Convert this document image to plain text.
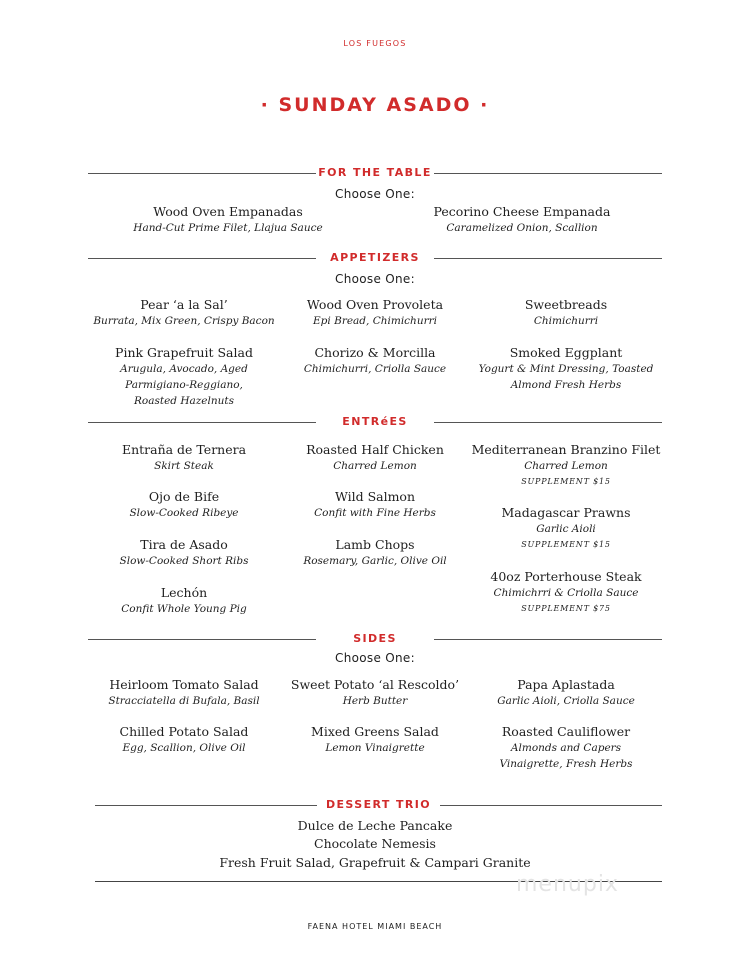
LOS FUEGOS
· SUNDAY ASADO ·
FOR THE TABLE
Choose One:
Wood Oven Empanadas
Hand-Cut Prime Filet, Llajua Sauce
Pecorino Cheese Empanada
Caramelized Onion, Scallion
APPETIZERS
Choose One:
Pear ‘a la Sal’
Burrata, Mix Green, Crispy Bacon
Wood Oven Provoleta
Epi Bread, Chimichurri
Sweetbreads
Chimichurri
Pink Grapefruit Salad
Arugula, Avocado, Aged
Parmigiano-Reggiano,
Roasted Hazelnuts
Chorizo & Morcilla
Chimichurri, Criolla Sauce
Smoked Eggplant
Yogurt & Mint Dressing, Toasted
Almond Fresh Herbs
ENTRéES
Entraña de Ternera
Skirt Steak
Roasted Half Chicken
Charred Lemon
Mediterranean Branzino Filet
Charred Lemon
SUPPLEMENT $15
Ojo de Bife
Slow-Cooked Ribeye
Wild Salmon
Confit with Fine Herbs	Madagascar Prawns
Garlic Aioli
SUPPLEMENT $15
Tira de Asado
Slow-Cooked Short Ribs
Lamb Chops
Rosemary, Garlic, Olive Oil
40oz Porterhouse Steak
Chimichrri & Criolla Sauce
SUPPLEMENT $75
Lechón
Confit Whole Young Pig
SIDES
Choose One:
Heirloom Tomato Salad
Stracciatella di Bufala, Basil
Sweet Potato ‘al Rescoldo’
Herb Butter
Papa Aplastada
Garlic Aioli, Criolla Sauce
Chilled Potato Salad
Egg, Scallion, Olive Oil
Mixed Greens Salad
Lemon Vinaigrette
Roasted Cauliflower
Almonds and Capers
Vinaigrette, Fresh Herbs
DESSERT TRIO
Dulce de Leche Pancake
Chocolate Nemesis
Fresh Fruit Salad, Grapefruit & Campari Granite
menupix
FAENA HOTEL MIAMI BEACH
